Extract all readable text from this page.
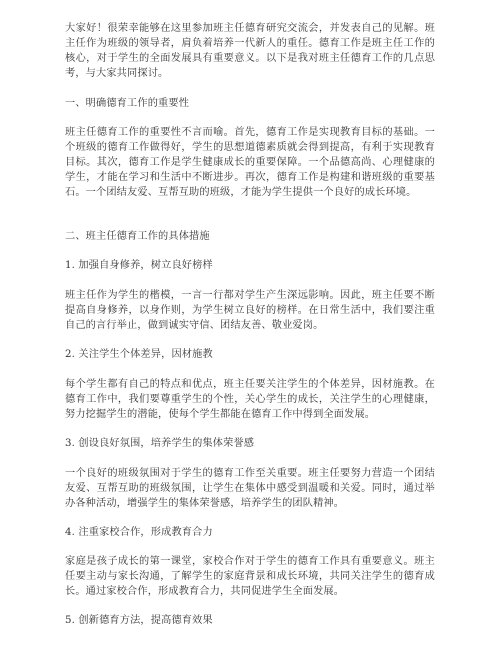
大家好！很荣幸能够在这里参加班主任德育研究交流会，并发表自己的见解。班主任作为班级的领导者，肩负着培养一代新人的重任。德育工作是班主任工作的核心，对于学生的全面发展具有重要意义。以下是我对班主任德育工作的几点思考，与大家共同探讨。

一、明确德育工作的重要性

班主任德育工作的重要性不言而喻。首先，德育工作是实现教育目标的基础。一个班级的德育工作做得好，学生的思想道德素质就会得到提高，有利于实现教育目标。其次，德育工作是学生健康成长的重要保障。一个品德高尚、心理健康的学生，才能在学习和生活中不断进步。再次，德育工作是构建和谐班级的重要基石。一个团结友爱、互帮互助的班级，才能为学生提供一个良好的成长环境。

二、班主任德育工作的具体措施

1. 加强自身修养，树立良好榜样

班主任作为学生的楷模，一言一行都对学生产生深远影响。因此，班主任要不断提高自身修养，以身作则，为学生树立良好的榜样。在日常生活中，我们要注重自己的言行举止，做到诚实守信、团结友善、敬业爱岗。

2. 关注学生个体差异，因材施教

每个学生都有自己的特点和优点，班主任要关注学生的个体差异，因材施教。在德育工作中，我们要尊重学生的个性，关心学生的成长，关注学生的心理健康，努力挖掘学生的潜能，使每个学生都能在德育工作中得到全面发展。

3. 创设良好氛围，培养学生的集体荣誉感

一个良好的班级氛围对于学生的德育工作至关重要。班主任要努力营造一个团结友爱、互帮互助的班级氛围，让学生在集体中感受到温暖和关爱。同时，通过举办各种活动，增强学生的集体荣誉感，培养学生的团队精神。

4. 注重家校合作，形成教育合力

家庭是孩子成长的第一课堂，家校合作对于学生的德育工作具有重要意义。班主任要主动与家长沟通，了解学生的家庭背景和成长环境，共同关注学生的德育成长。通过家校合作，形成教育合力，共同促进学生全面发展。

5. 创新德育方法，提高德育效果
